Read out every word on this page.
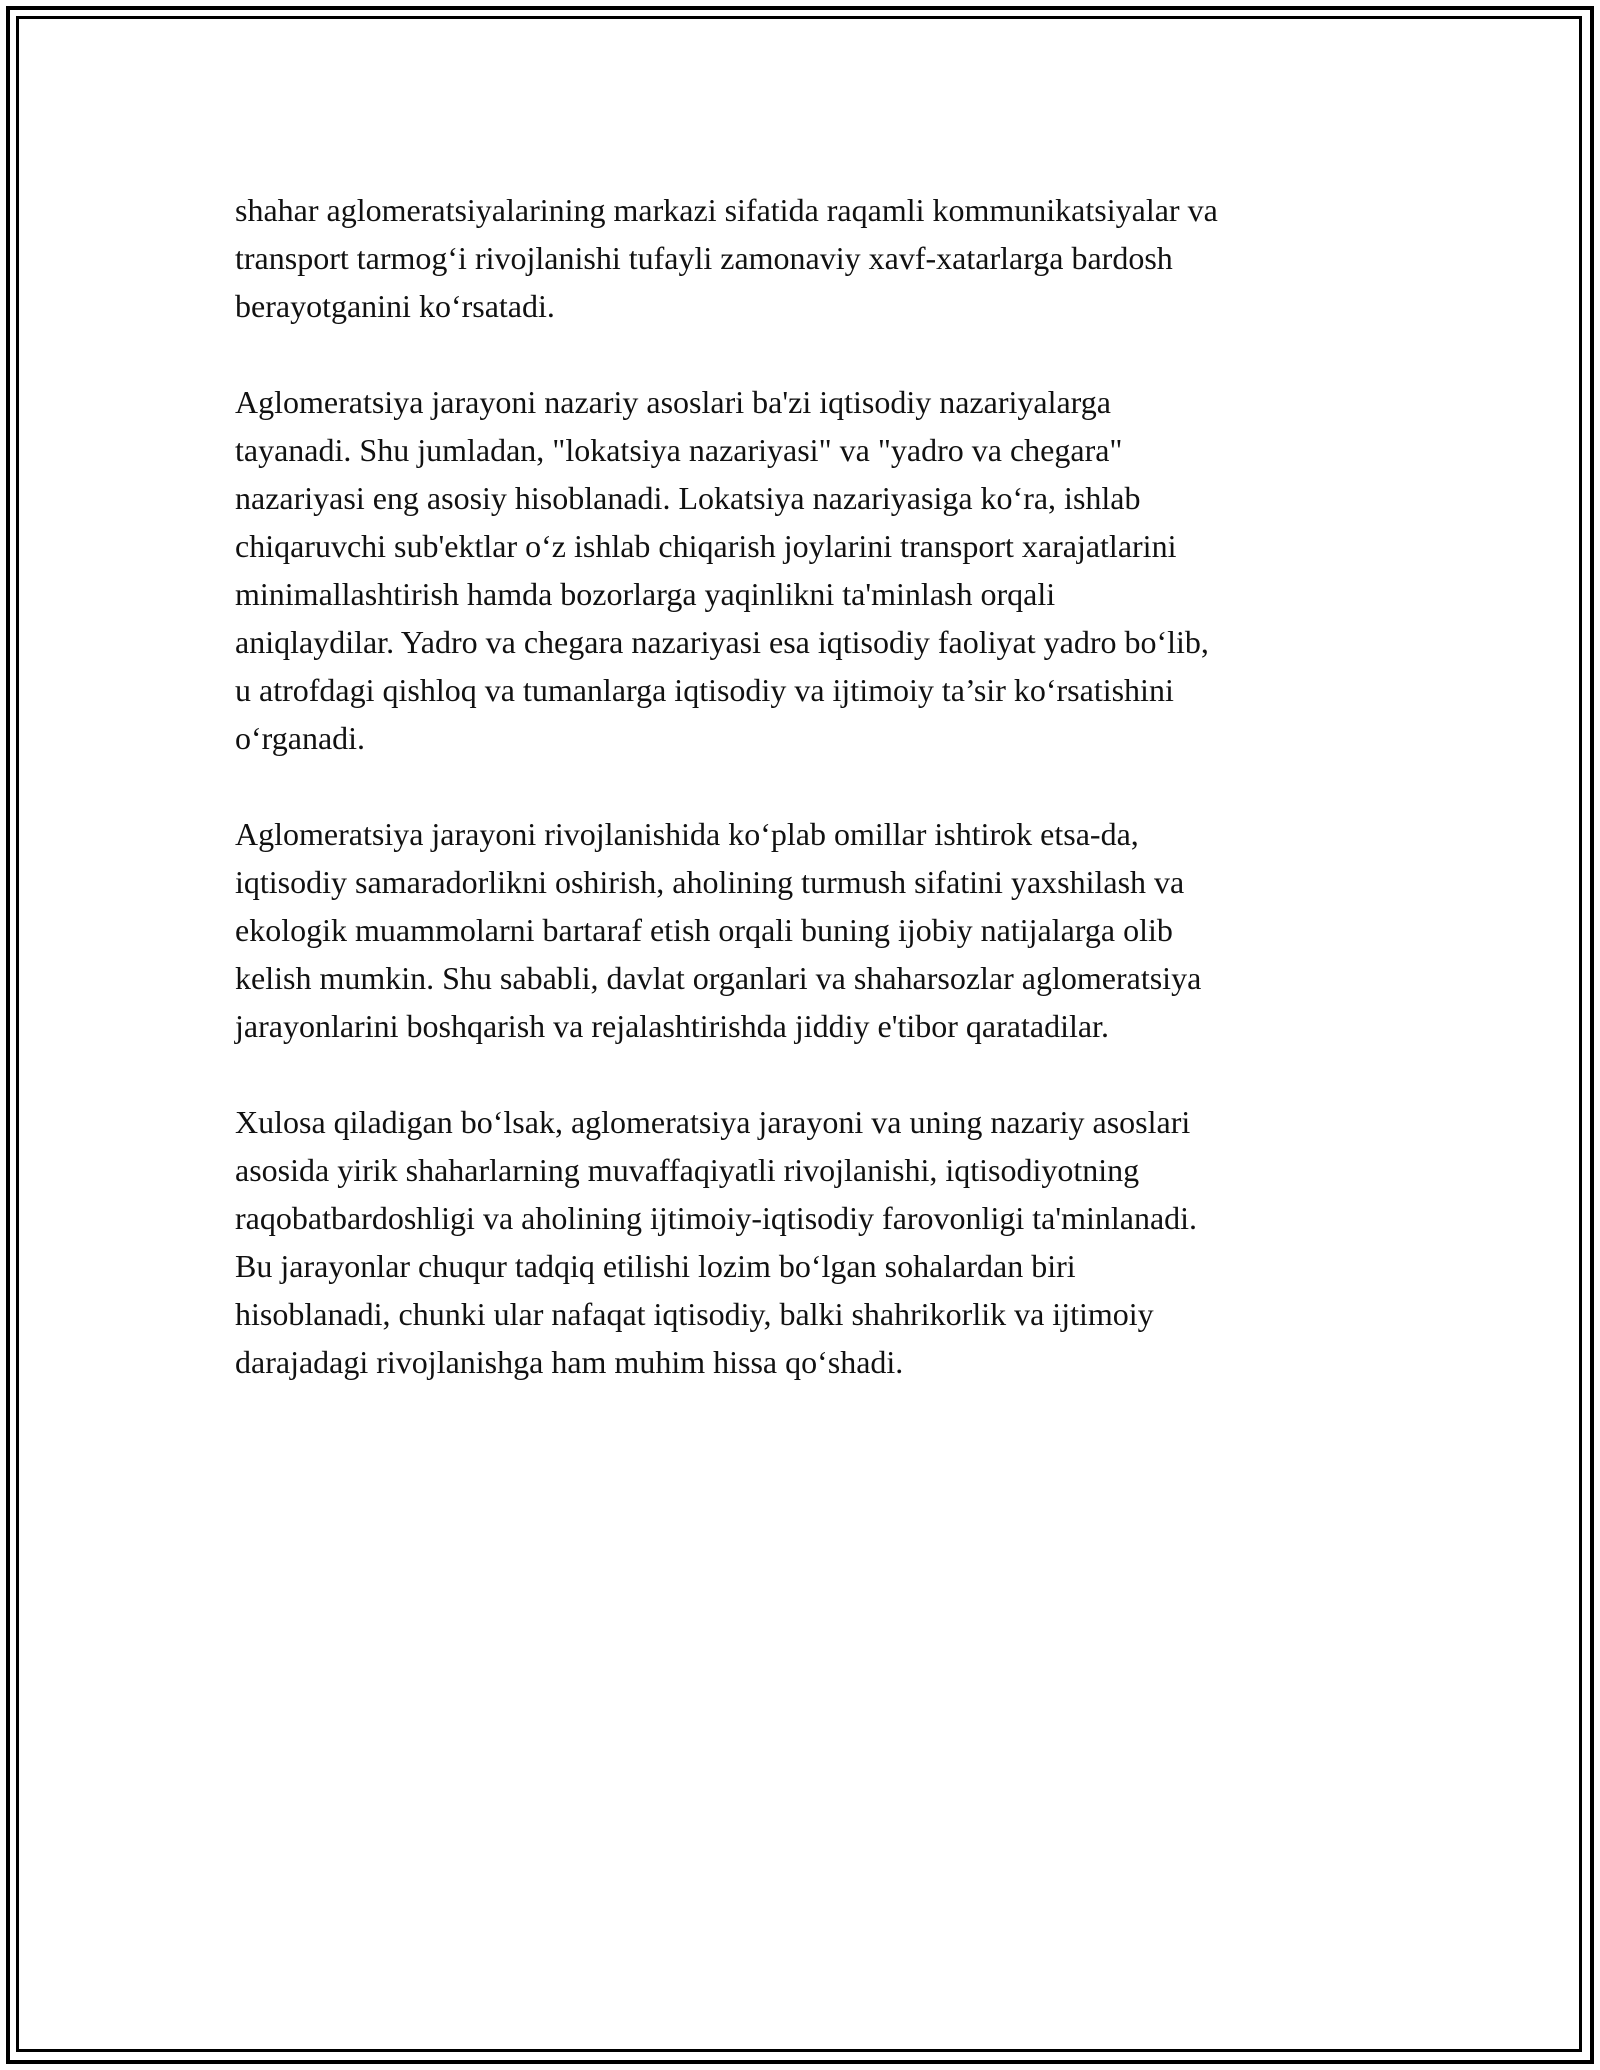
shahar aglomeratsiyalarining markazi sifatida raqamli kommunikatsiyalar va
transport tarmog‘i rivojlanishi tufayli zamonaviy xavf-xatarlarga bardosh
berayotganini ko‘rsatadi.

Aglomeratsiya jarayoni nazariy asoslari ba'zi iqtisodiy nazariyalarga
tayanadi. Shu jumladan, "lokatsiya nazariyasi" va "yadro va chegara"
nazariyasi eng asosiy hisoblanadi. Lokatsiya nazariyasiga ko‘ra, ishlab
chiqaruvchi sub'ektlar o‘z ishlab chiqarish joylarini transport xarajatlarini
minimallashtirish hamda bozorlarga yaqinlikni ta'minlash orqali
aniqlaydilar. Yadro va chegara nazariyasi esa iqtisodiy faoliyat yadro bo‘lib,
u atrofdagi qishloq va tumanlarga iqtisodiy va ijtimoiy ta’sir ko‘rsatishini
o‘rganadi.

Aglomeratsiya jarayoni rivojlanishida ko‘plab omillar ishtirok etsa-da,
iqtisodiy samaradorlikni oshirish, aholining turmush sifatini yaxshilash va
ekologik muammolarni bartaraf etish orqali buning ijobiy natijalarga olib
kelish mumkin. Shu sababli, davlat organlari va shaharsozlar aglomeratsiya
jarayonlarini boshqarish va rejalashtirishda jiddiy e'tibor qaratadilar.

Xulosa qiladigan bo‘lsak, aglomeratsiya jarayoni va uning nazariy asoslari
asosida yirik shaharlarning muvaffaqiyatli rivojlanishi, iqtisodiyotning
raqobatbardoshligi va aholining ijtimoiy-iqtisodiy farovonligi ta'minlanadi.
Bu jarayonlar chuqur tadqiq etilishi lozim bo‘lgan sohalardan biri
hisoblanadi, chunki ular nafaqat iqtisodiy, balki shahrikorlik va ijtimoiy
darajadagi rivojlanishga ham muhim hissa qo‘shadi.
